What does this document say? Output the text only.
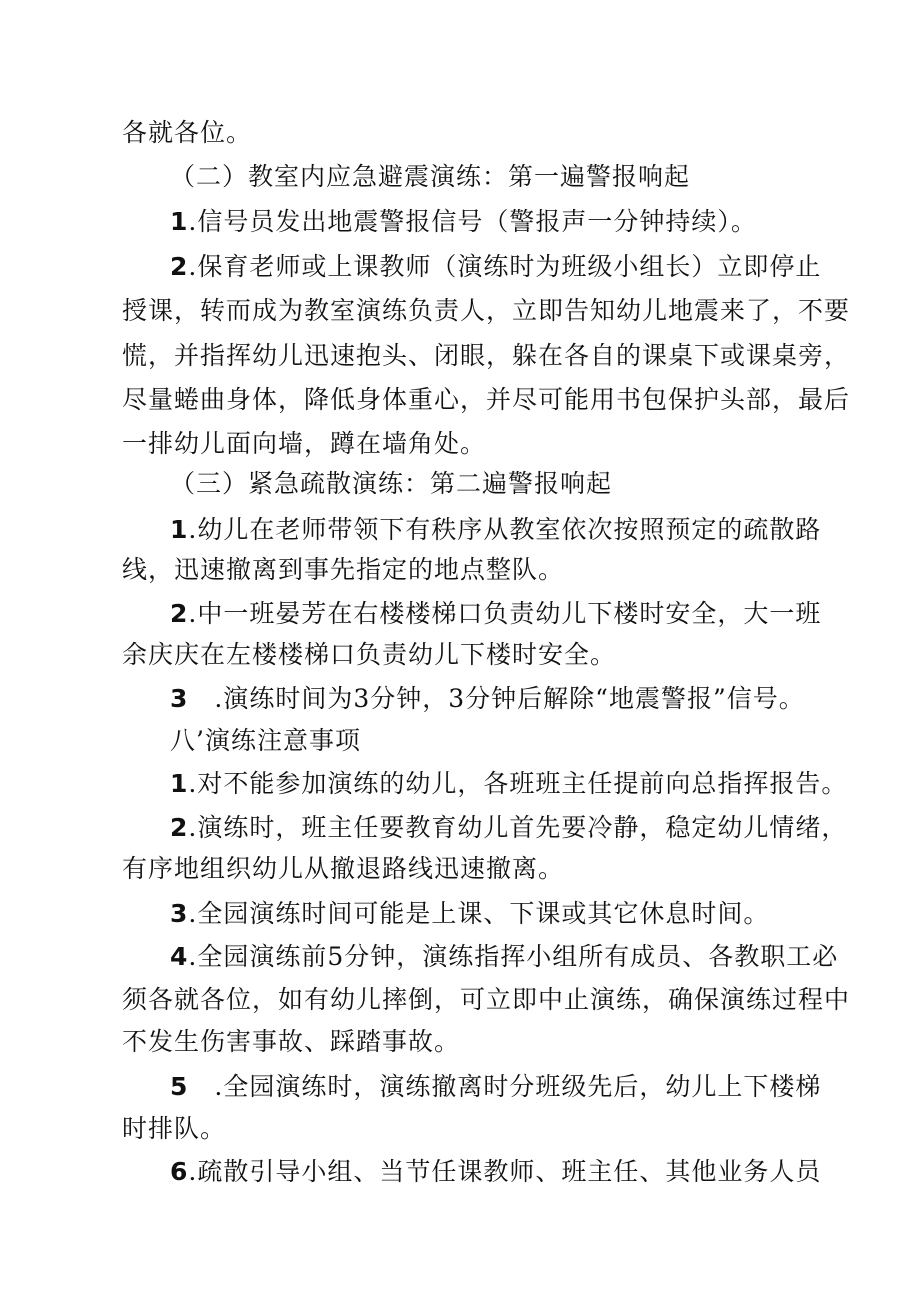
各就各位。
（二）教室内应急避震演练：第一遍警报响起
1.信号员发出地震警报信号（警报声一分钟持续）。
2.保育老师或上课教师（演练时为班级小组长）立即停止
授课，转而成为教室演练负责人，立即告知幼儿地震来了，不要
慌，并指挥幼儿迅速抱头、闭眼，躲在各自的课桌下或课桌旁，
尽量蜷曲身体，降低身体重心，并尽可能用书包保护头部，最后
一排幼儿面向墙，蹲在墙角处。
（三）紧急疏散演练：第二遍警报响起
1.幼儿在老师带领下有秩序从教室依次按照预定的疏散路
线，迅速撤离到事先指定的地点整队。
2.中一班晏芳在右楼楼梯口负责幼儿下楼时安全，大一班
余庆庆在左楼楼梯口负责幼儿下楼时安全。
3 .演练时间为3分钟，3分钟后解除“地震警报”信号。
八’演练注意事项
1.对不能参加演练的幼儿，各班班主任提前向总指挥报告。
2.演练时，班主任要教育幼儿首先要冷静，稳定幼儿情绪，
有序地组织幼儿从撤退路线迅速撤离。
3.全园演练时间可能是上课、下课或其它休息时间。
4.全园演练前5分钟，演练指挥小组所有成员、各教职工必
须各就各位，如有幼儿摔倒，可立即中止演练，确保演练过程中
不发生伤害事故、踩踏事故。
5 .全园演练时，演练撤离时分班级先后，幼儿上下楼梯
时排队。
6.疏散引导小组、当节任课教师、班主任、其他业务人员
